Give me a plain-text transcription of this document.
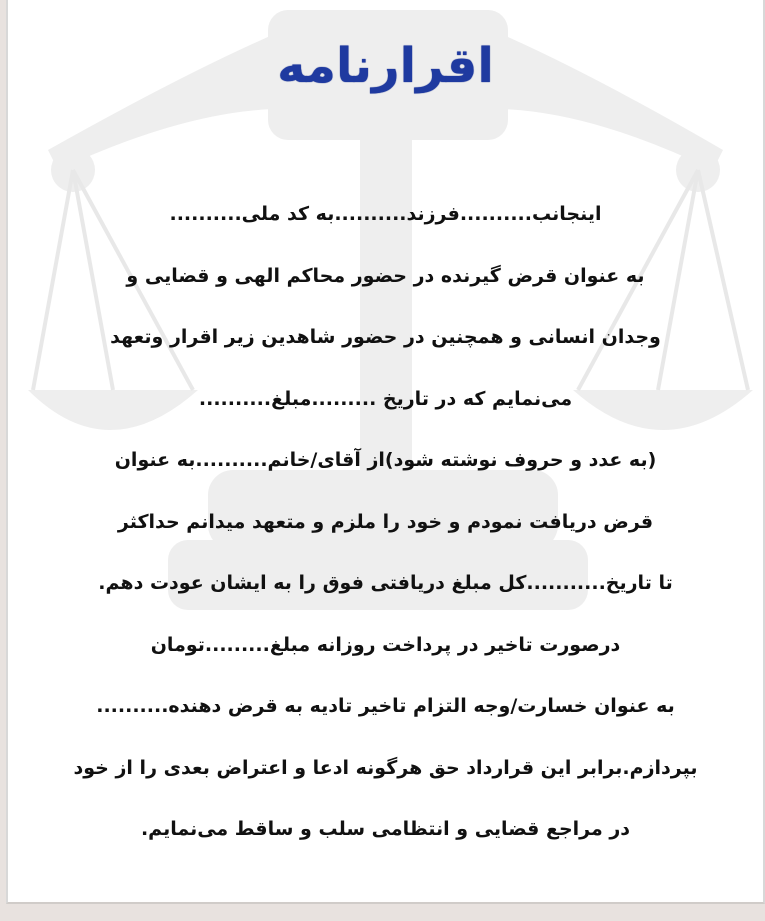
اقرارنامه
اینجانب..........فرزند..........به کد ملی..........
به عنوان قرض گیرنده در حضور محاکم الهی و قضایی و
وجدان انسانی و همچنین در حضور شاهدین زیر اقرار وتعهد
می‌نمایم که در تاریخ .........مبلغ..........
(به عدد و حروف نوشته شود)از آقای/خانم..........به عنوان
قرض دریافت نمودم و خود را ملزم و متعهد میدانم حداکثر
تا تاریخ...........کل مبلغ دریافتی فوق را به ایشان عودت دهم.
درصورت تاخیر در پرداخت روزانه مبلغ.........تومان
به عنوان خسارت/وجه التزام تاخیر تادیه به قرض دهنده..........
بپردازم.برابر این قرارداد حق هرگونه ادعا و اعتراض بعدی را از خود
در مراجع قضایی و انتظامی سلب و ساقط می‌نمایم.
